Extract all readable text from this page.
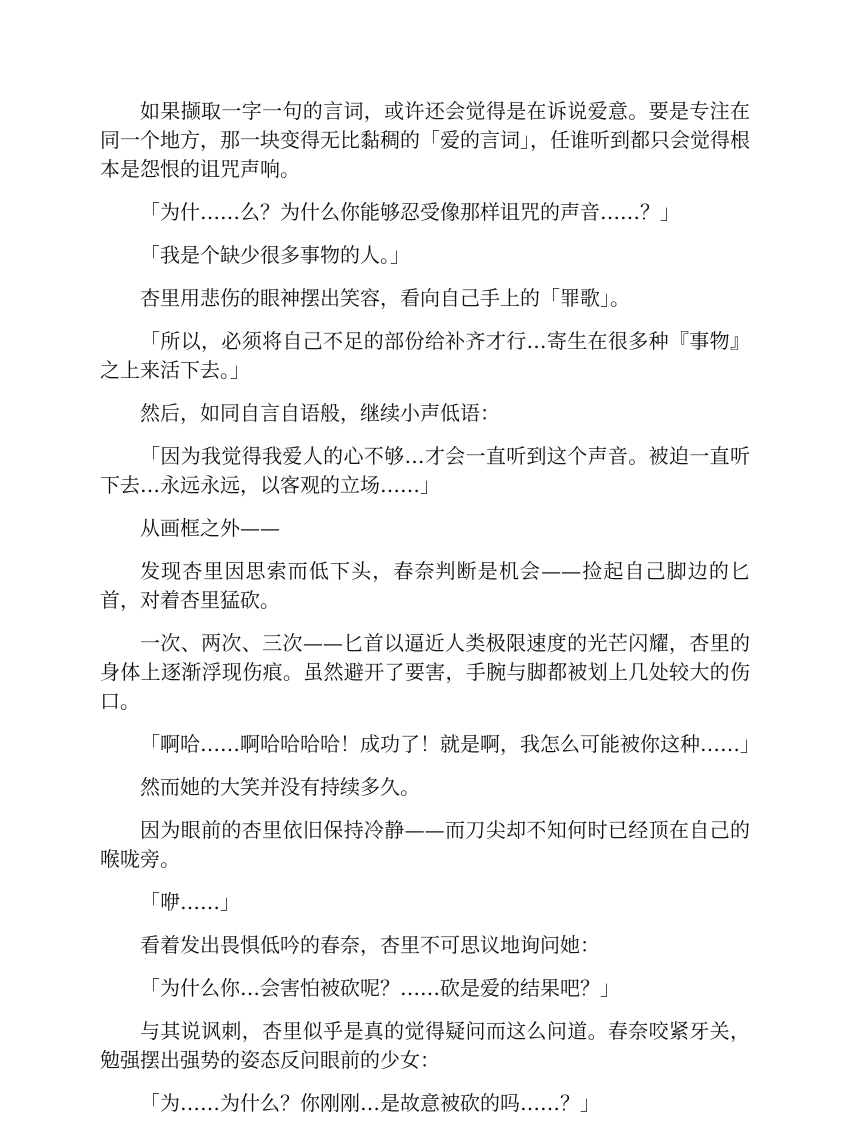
如果撷取一字一句的言词，或许还会觉得是在诉说爱意。要是专注在同一个地方，那一块变得无比黏稠的「爱的言词」，任谁听到都只会觉得根本是怨恨的诅咒声响。

「为什……么？为什么你能够忍受像那样诅咒的声音……？」

「我是个缺少很多事物的人。」

杏里用悲伤的眼神摆出笑容，看向自己手上的「罪歌」。

「所以，必须将自己不足的部份给补齐才行…寄生在很多种『事物』之上来活下去。」

然后，如同自言自语般，继续小声低语：

「因为我觉得我爱人的心不够…才会一直听到这个声音。被迫一直听下去…永远永远，以客观的立场……」

从画框之外——

发现杏里因思索而低下头，春奈判断是机会——捡起自己脚边的匕首，对着杏里猛砍。

一次、两次、三次——匕首以逼近人类极限速度的光芒闪耀，杏里的身体上逐渐浮现伤痕。虽然避开了要害，手腕与脚都被划上几处较大的伤口。

「啊哈……啊哈哈哈哈！成功了！就是啊，我怎么可能被你这种……」

然而她的大笑并没有持续多久。

因为眼前的杏里依旧保持冷静——而刀尖却不知何时已经顶在自己的喉咙旁。

「咿……」

看着发出畏惧低吟的春奈，杏里不可思议地询问她：

「为什么你…会害怕被砍呢？……砍是爱的结果吧？」

与其说讽刺，杏里似乎是真的觉得疑问而这么问道。春奈咬紧牙关，勉强摆出强势的姿态反问眼前的少女：

「为……为什么？你刚刚…是故意被砍的吗……？」
